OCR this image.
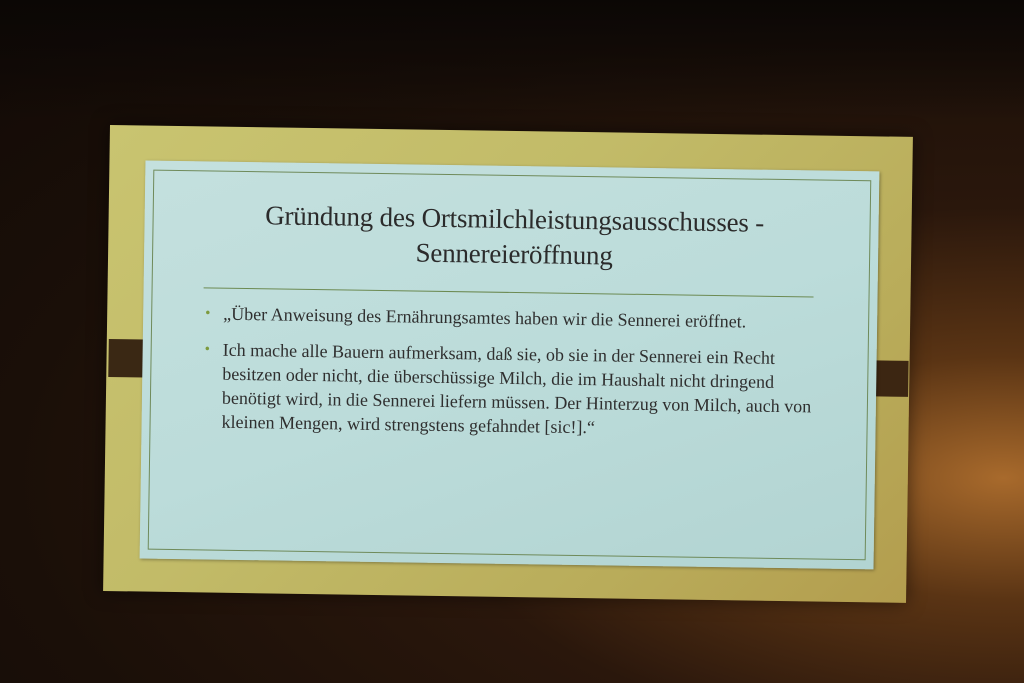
Gründung des Ortsmilchleistungsausschusses -
Sennereieröffnung
• „Über Anweisung des Ernährungsamtes haben wir die Sennerei eröffnet.
• Ich mache alle Bauern aufmerksam, daß sie, ob sie in der Sennerei ein Recht besitzen oder nicht, die überschüssige Milch, die im Haushalt nicht dringend benötigt wird, in die Sennerei liefern müssen. Der Hinterzug von Milch, auch von kleinen Mengen, wird strengstens gefahndet [sic!].“
